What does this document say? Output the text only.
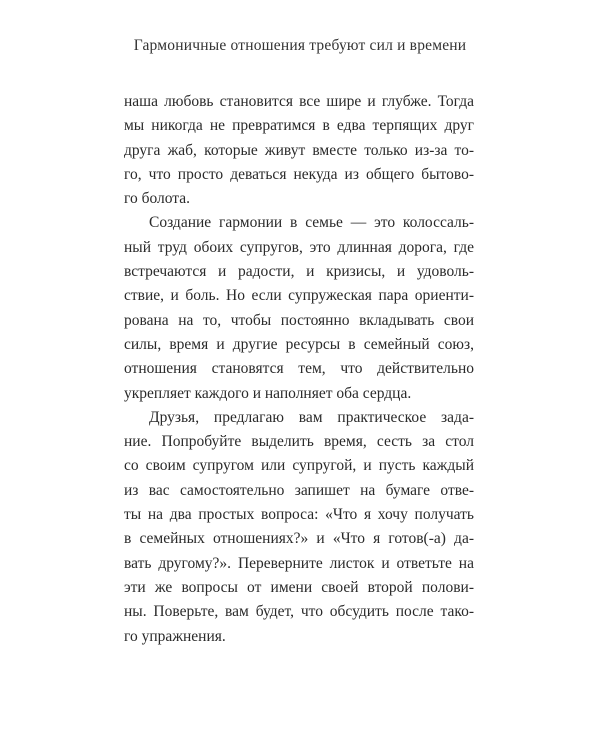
Гармоничные отношения требуют сил и времени
наша любовь становится все шире и глубже. Тогда
мы никогда не превратимся в едва терпящих друг
друга жаб, которые живут вместе только из-за то-
го, что просто деваться некуда из общего бытово-
го болота.
Создание гармонии в семье — это колоссаль-
ный труд обоих супругов, это длинная дорога, где
встречаются и радости, и кризисы, и удоволь-
ствие, и боль. Но если супружеская пара ориенти-
рована на то, чтобы постоянно вкладывать свои
силы, время и другие ресурсы в семейный союз,
отношения становятся тем, что действительно
укрепляет каждого и наполняет оба сердца.
Друзья, предлагаю вам практическое зада-
ние. Попробуйте выделить время, сесть за стол
со своим супругом или супругой, и пусть каждый
из вас самостоятельно запишет на бумаге отве-
ты на два простых вопроса: «Что я хочу получать
в семейных отношениях?» и «Что я готов(-а) да-
вать другому?». Переверните листок и ответьте на
эти же вопросы от имени своей второй полови-
ны. Поверьте, вам будет, что обсудить после тако-
го упражнения.
